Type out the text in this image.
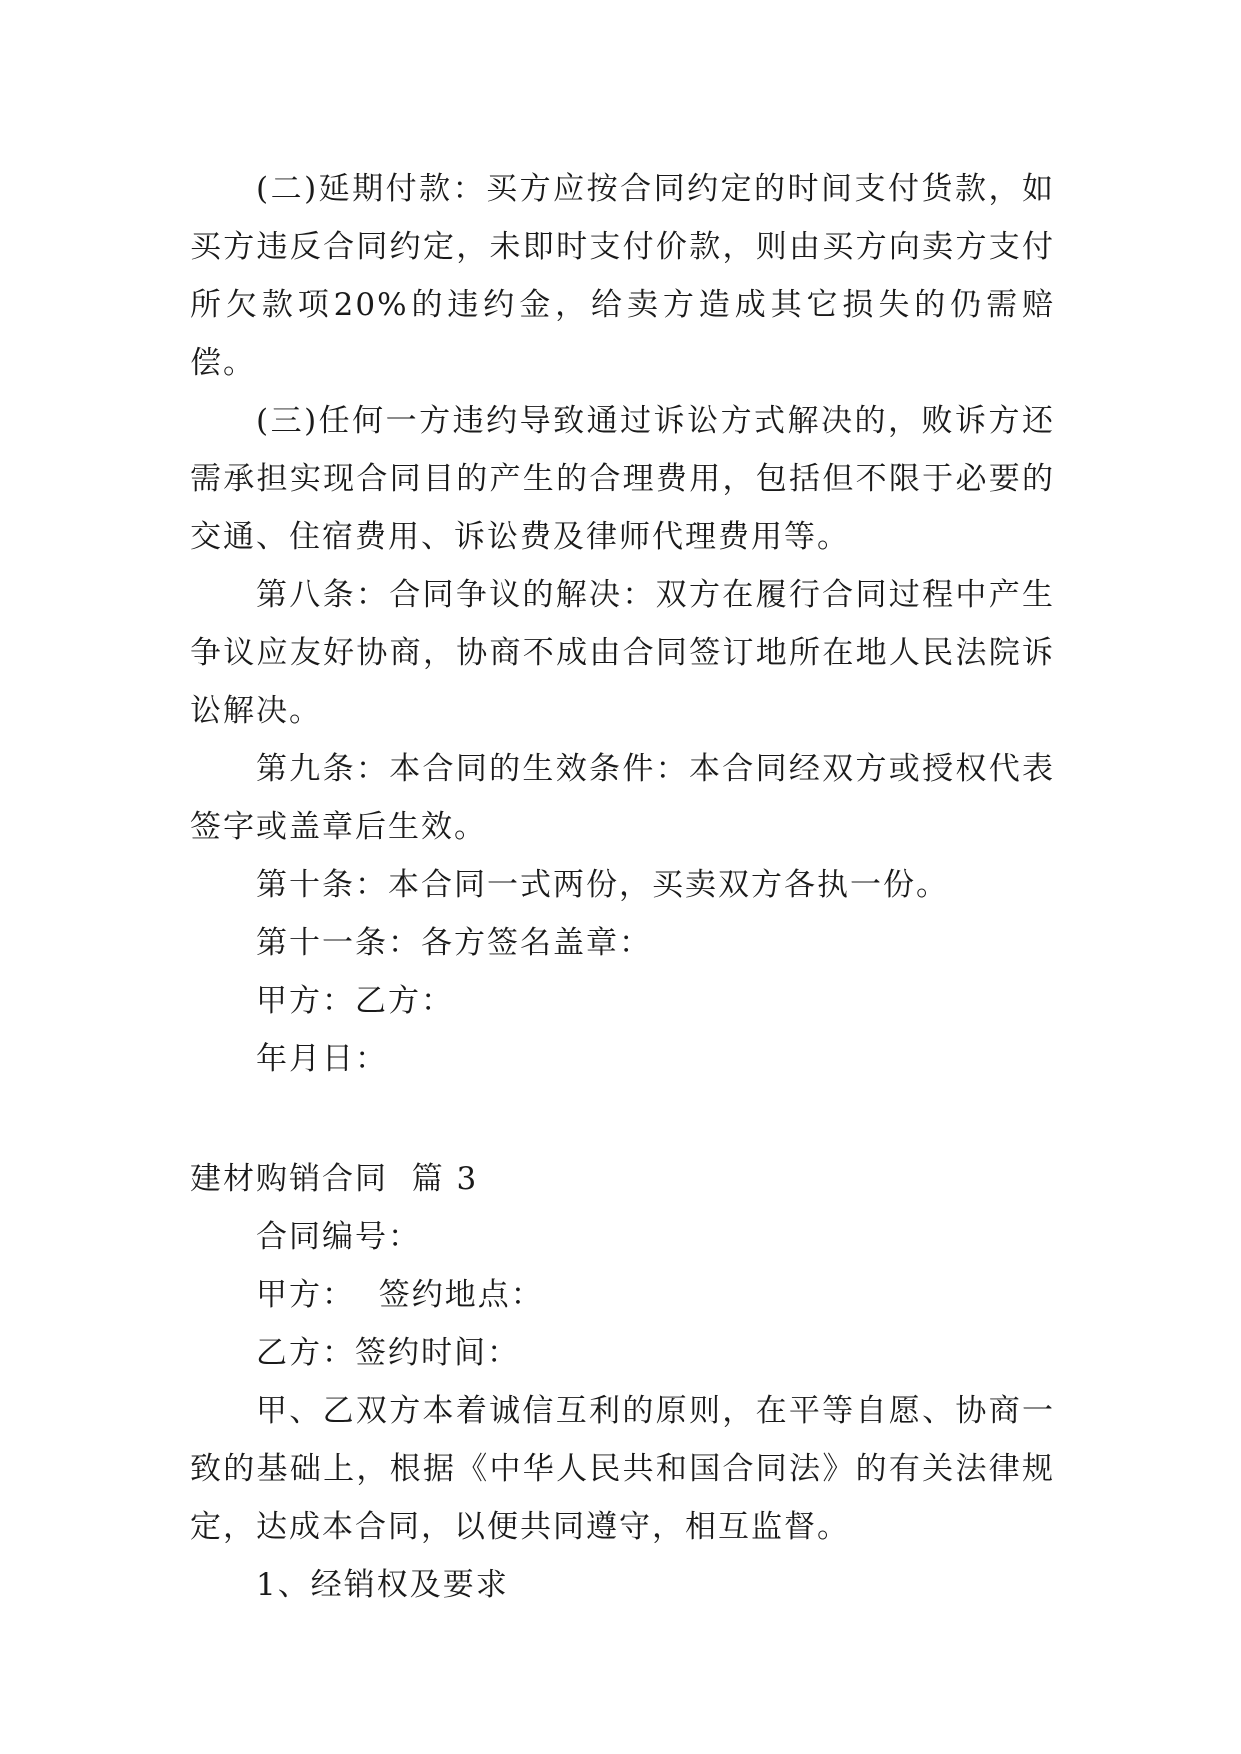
(二)延期付款：买方应按合同约定的时间支付货款，如买方违反合同约定，未即时支付价款，则由买方向卖方支付所欠款项20%的违约金，给卖方造成其它损失的仍需赔偿。

(三)任何一方违约导致通过诉讼方式解决的，败诉方还需承担实现合同目的产生的合理费用，包括但不限于必要的交通、住宿费用、诉讼费及律师代理费用等。

第八条：合同争议的解决：双方在履行合同过程中产生争议应友好协商，协商不成由合同签订地所在地人民法院诉讼解决。

第九条：本合同的生效条件：本合同经双方或授权代表签字或盖章后生效。

第十条：本合同一式两份，买卖双方各执一份。

第十一条：各方签名盖章：

甲方：乙方：

年月日：

建材购销合同  篇 3

合同编号：

甲方：  签约地点：

乙方：签约时间：

甲、乙双方本着诚信互利的原则，在平等自愿、协商一致的基础上，根据《中华人民共和国合同法》的有关法律规定，达成本合同，以便共同遵守，相互监督。

1、经销权及要求
